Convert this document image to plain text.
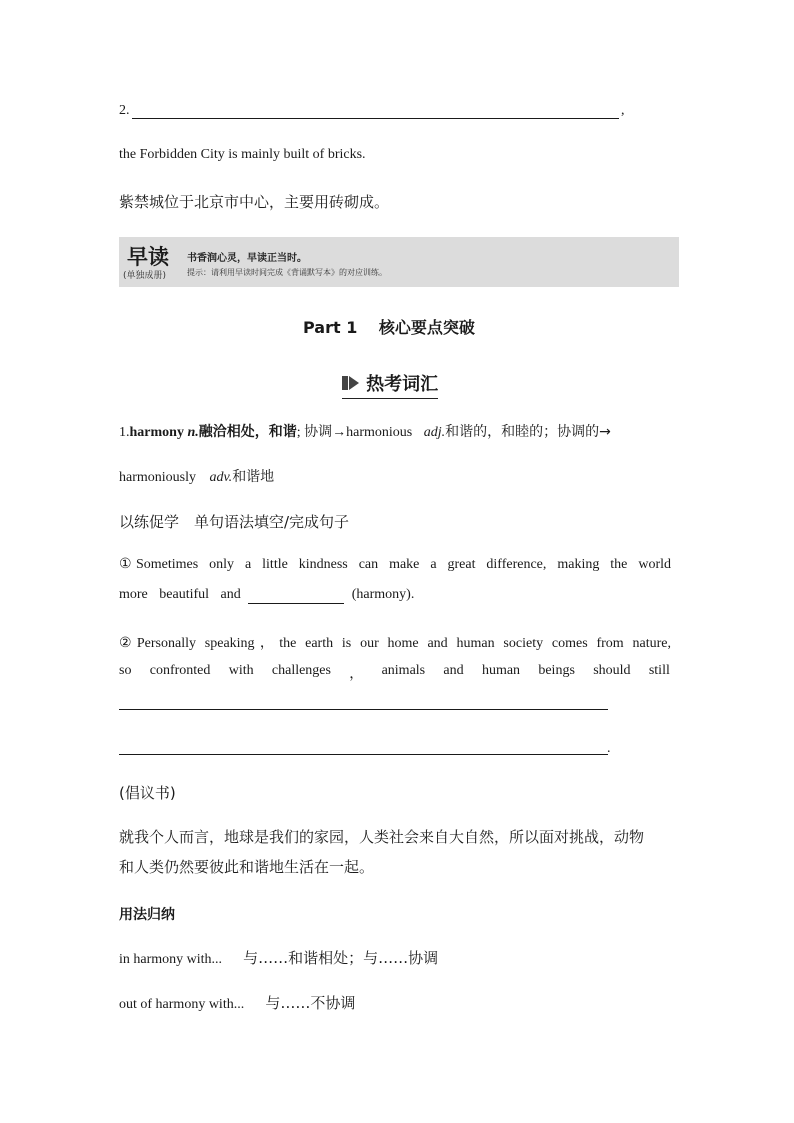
2.	,
the Forbidden City is mainly built of bricks.
紫禁城位于北京市中心，主要用砖砌成。
早读
(单独成册)
书香润心灵，早读正当时。
提示：请利用早读时间完成《背诵默写本》的对应训练。
Part 1　 核心要点突破
热考词汇
1.harmony n.融洽相处，和谐; 协调→harmonious adj.和谐的，和睦的；协调的→
harmoniously adv.和谐地
以练促学　单句语法填空/完成句子
①Sometimes only a little kindness can make a great difference, making the world
more beautiful and	(harmony).
②Personally speaking，the earth is our home and human society comes from nature,
so confronted with challenges ， animals and human beings should still
.
(倡议书)
就我个人而言，地球是我们的家园，人类社会来自大自然，所以面对挑战，动物
和人类仍然要彼此和谐地生活在一起。
用法归纳
in harmony with... 与……和谐相处；与……协调
out of harmony with... 与……不协调
